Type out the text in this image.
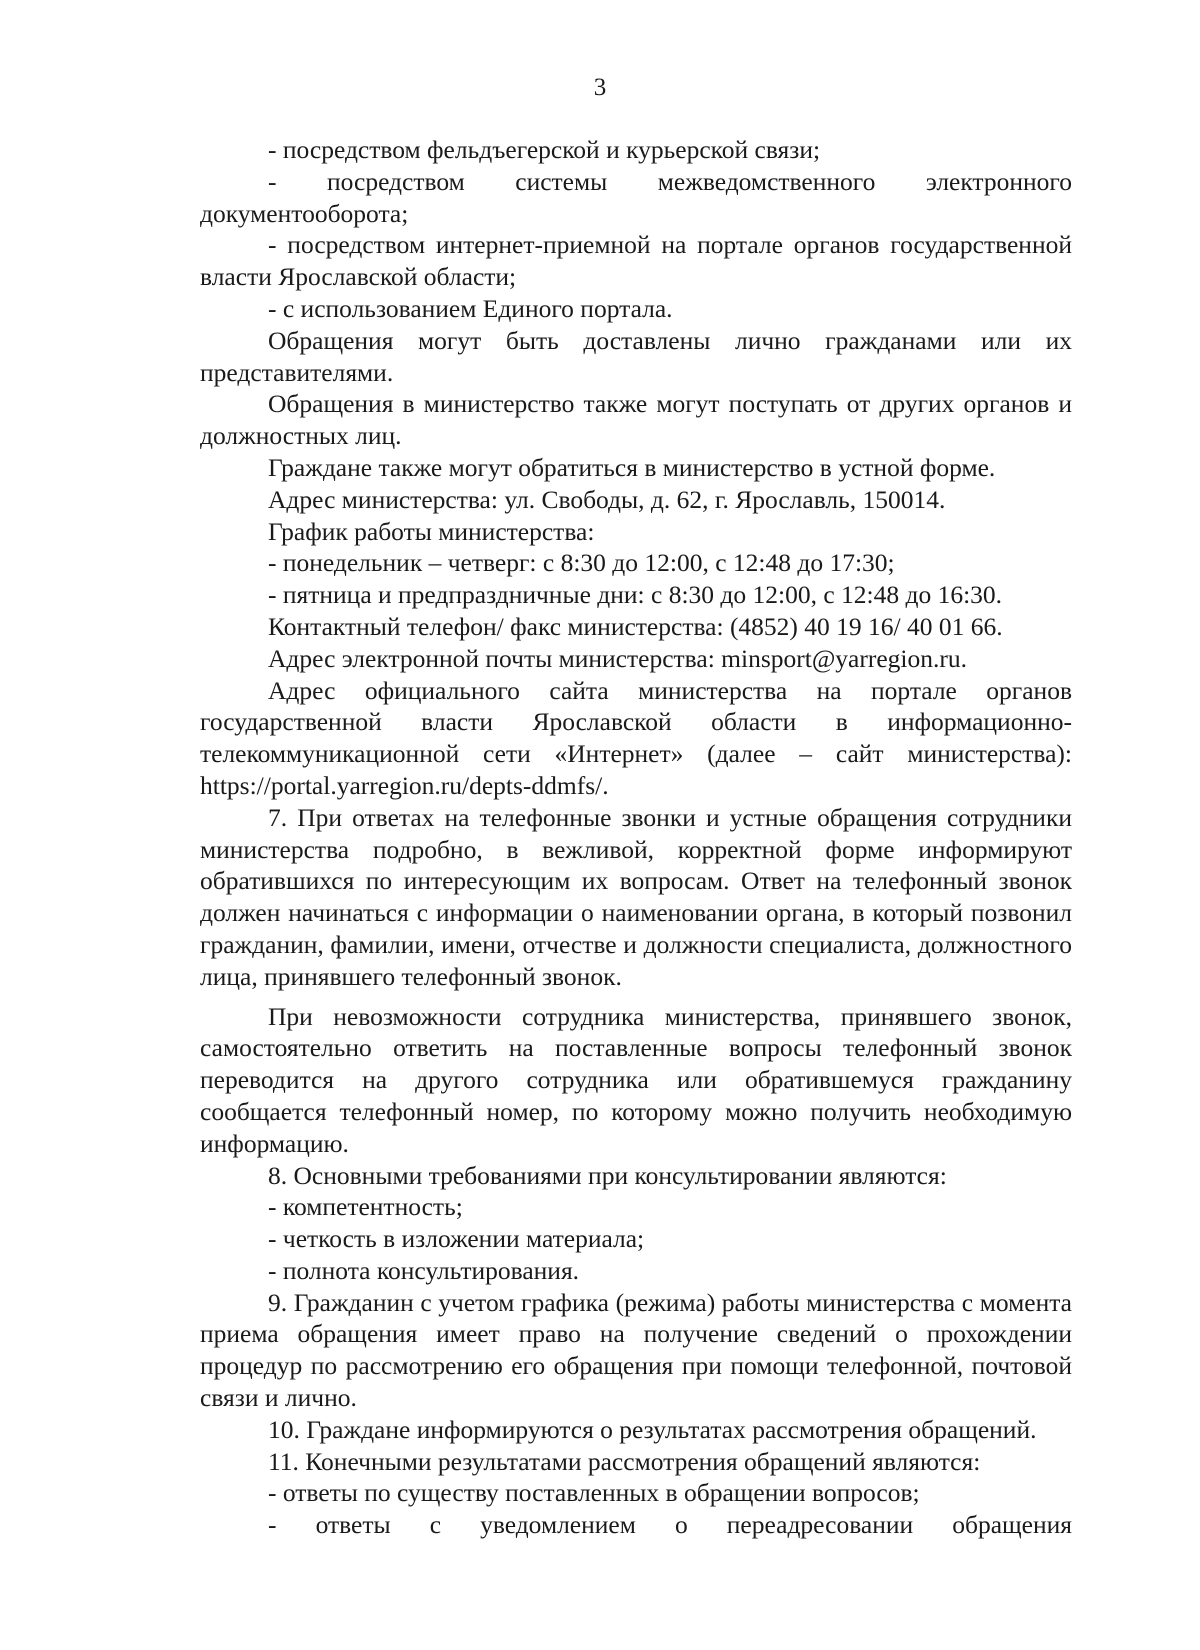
3

- посредством фельдъегерской и курьерской связи;

- посредством системы межведомственного электронного документооборота;

- посредством интернет-приемной на портале органов государственной власти Ярославской области;

- с использованием Единого портала.

Обращения могут быть доставлены лично гражданами или их представителями.

Обращения в министерство также могут поступать от других органов и должностных лиц.

Граждане также могут обратиться в министерство в устной форме.

Адрес министерства: ул. Свободы, д. 62, г. Ярославль, 150014.

График работы министерства:

- понедельник – четверг: с 8:30 до 12:00, с 12:48 до 17:30;

- пятница и предпраздничные дни: с 8:30 до 12:00, с 12:48 до 16:30.

Контактный телефон/ факс министерства: (4852) 40 19 16/ 40 01 66.

Адрес электронной почты министерства: minsport@yarregion.ru.

Адрес официального сайта министерства на портале органов государственной власти Ярославской области в информационно-телекоммуникационной сети «Интернет» (далее – сайт министерства): https://portal.yarregion.ru/depts-ddmfs/.

7. При ответах на телефонные звонки и устные обращения сотрудники министерства подробно, в вежливой, корректной форме информируют обратившихся по интересующим их вопросам. Ответ на телефонный звонок должен начинаться с информации о наименовании органа, в который позвонил гражданин, фамилии, имени, отчестве и должности специалиста, должностного лица, принявшего телефонный звонок.

При невозможности сотрудника министерства, принявшего звонок, самостоятельно ответить на поставленные вопросы телефонный звонок переводится на другого сотрудника или обратившемуся гражданину сообщается телефонный номер, по которому можно получить необходимую информацию.

8. Основными требованиями при консультировании являются:

- компетентность;

- четкость в изложении материала;

- полнота консультирования.

9. Гражданин с учетом графика (режима) работы министерства с момента приема обращения имеет право на получение сведений о прохождении процедур по рассмотрению его обращения при помощи телефонной, почтовой связи и лично.

10. Граждане информируются о результатах рассмотрения обращений.

11. Конечными результатами рассмотрения обращений являются:

- ответы по существу поставленных в обращении вопросов;

- ответы с уведомлением о переадресовании обращения
